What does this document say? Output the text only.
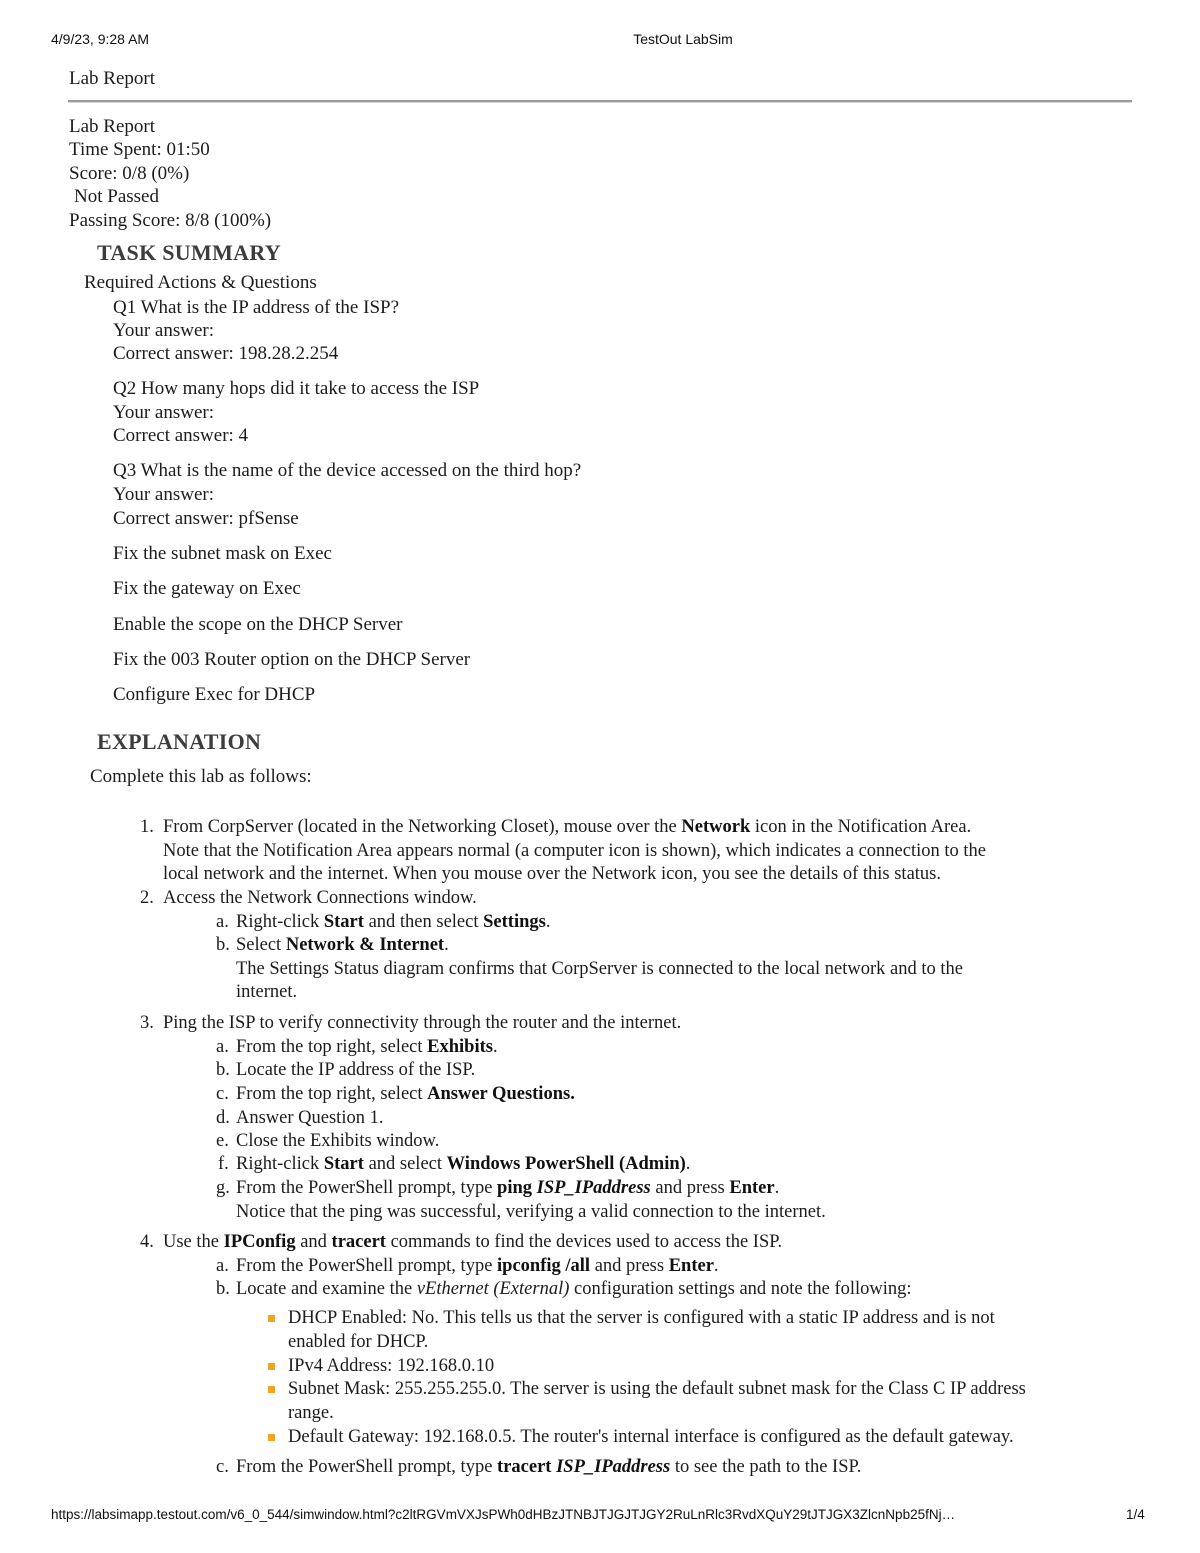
4/9/23, 9:28 AM	TestOut LabSim
https://labsimapp.testout.com/v6_0_544/simwindow.html?c2ltRGVmVXJsPWh0dHBzJTNBJTJGJTJGY2RuLnRlc3RvdXQuY29tJTJGX3ZlcnNpb25fNj…	1/4
Lab Report
Lab Report
Time Spent: 01:50
Score: 0/8 (0%)
Not Passed
Passing Score: 8/8 (100%)
TASK SUMMARY
Required Actions & Questions
Q1 What is the IP address of the ISP?
Your answer:
Correct answer: 198.28.2.254
Q2 How many hops did it take to access the ISP
Your answer:
Correct answer: 4
Q3 What is the name of the device accessed on the third hop?
Your answer:
Correct answer: pfSense
Fix the subnet mask on Exec
Fix the gateway on Exec
Enable the scope on the DHCP Server
Fix the 003 Router option on the DHCP Server
Configure Exec for DHCP
EXPLANATION
Complete this lab as follows:
1. From CorpServer (located in the Networking Closet), mouse over the Network icon in the Notification Area.
Note that the Notification Area appears normal (a computer icon is shown), which indicates a connection to the
local network and the internet. When you mouse over the Network icon, you see the details of this status.
2. Access the Network Connections window.
a. Right-click Start and then select Settings.
b. Select Network & Internet.
The Settings Status diagram confirms that CorpServer is connected to the local network and to the
internet.
3. Ping the ISP to verify connectivity through the router and the internet.
a. From the top right, select Exhibits.
b. Locate the IP address of the ISP.
c. From the top right, select Answer Questions.
d. Answer Question 1.
e. Close the Exhibits window.
f. Right-click Start and select Windows PowerShell (Admin).
g. From the PowerShell prompt, type ping ISP_IPaddress and press Enter.
Notice that the ping was successful, verifying a valid connection to the internet.
4. Use the IPConfig and tracert commands to find the devices used to access the ISP.
a. From the PowerShell prompt, type ipconfig /all and press Enter.
b. Locate and examine the vEthernet (External) configuration settings and note the following:
DHCP Enabled: No. This tells us that the server is configured with a static IP address and is not
enabled for DHCP.
IPv4 Address: 192.168.0.10
Subnet Mask: 255.255.255.0. The server is using the default subnet mask for the Class C IP address
range.
Default Gateway: 192.168.0.5. The router's internal interface is configured as the default gateway.
c. From the PowerShell prompt, type tracert ISP_IPaddress to see the path to the ISP.
